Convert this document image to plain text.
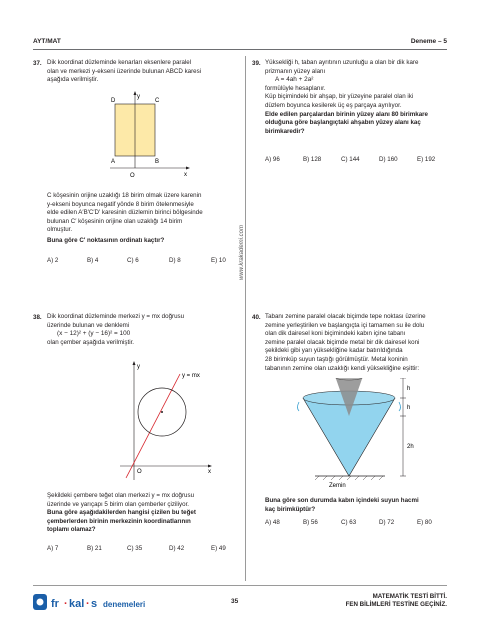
AYT/MAT	Deneme – 5
www.krakademi.com
37. Dik koordinat düzleminde kenarları eksenlere paralel
olan ve merkezi y-ekseni üzerinde bulunan ABCD karesi
aşağıda verilmiştir.
D	C
A	B
O
y
x
C köşesinin orijine uzaklığı 18 birim olmak üzere karenin
y-ekseni boyunca negatif yönde 8 birim ötelenmesiyle
elde edilen A′B′C′D′ karesinin düzlemin birinci bölgesinde
bulunan C′ köşesinin orijine olan uzaklığı 14 birim
olmuştur.
Buna göre C′ noktasının ordinatı kaçtır?
A) 2	B) 4	C) 6	D) 8	E) 10
38. Dik koordinat düzleminde merkezi y = mx doğrusu
üzerinde bulunan ve denklemi
(x − 12)² + (y − 16)² = 100
olan çember aşağıda verilmiştir.
y
x
O
y = mx
Şekildeki çembere teğet olan merkezi y = mx doğrusu
üzerinde ve yarıçapı 5 birim olan çemberler çiziliyor.
Buna göre aşağıdakilerden hangisi çizilen bu teğet
çemberlerden birinin merkezinin koordinatlarının
toplamı olamaz?
A) 7	B) 21	C) 35	D) 42	E) 49
39. Yüksekliği h, taban ayrıtının uzunluğu a olan bir dik kare
prizmanın yüzey alanı
A = 4ah + 2a²
formülüyle hesaplanır.
Küp biçimindeki bir ahşap, bir yüzeyine paralel olan iki
düzlem boyunca kesilerek üç eş parçaya ayrılıyor.
Elde edilen parçalardan birinin yüzey alanı 80 birimkare
olduğuna göre başlangıçtaki ahşabın yüzey alanı kaç
birimkaredir?
A) 96	B) 128	C) 144	D) 160	E) 192
40. Tabanı zemine paralel olacak biçimde tepe noktası üzerine
zemine yerleştirilen ve başlangıçta içi tamamen su ile dolu
olan dik dairesel koni biçimindeki kabın içine tabanı
zemine paralel olacak biçimde metal bir dik dairesel koni
şekildeki gibi yarı yüksekliğine kadar batırıldığında
28 birimküp suyun taştığı görülmüştür. Metal koninin
tabanının zemine olan uzaklığı kendi yüksekliğine eşittir:
h
h
2h
Zemin
Buna göre son durumda kabın içindeki suyun hacmi
kaç birimküptür?
A) 48	B) 56	C) 63	D) 72	E) 80
fr · kal · s denemeleri	35
MATEMATİK TESTİ BİTTİ.
FEN BİLİMLERİ TESTİNE GEÇİNİZ.
